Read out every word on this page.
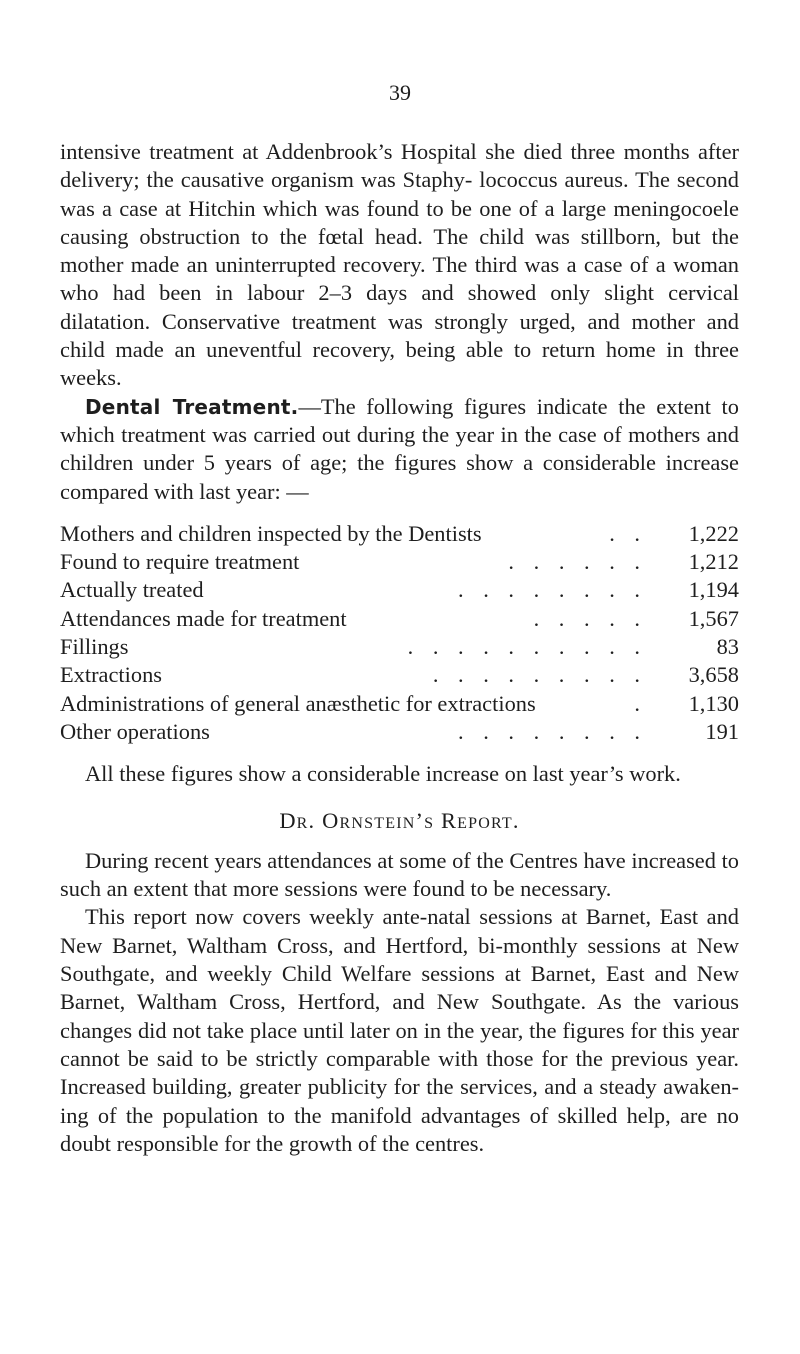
39

intensive treatment at Addenbrook’s Hospital she died three months after delivery; the causative organism was Staphy- lococcus aureus. The second was a case at Hitchin which was found to be one of a large meningocoele causing obstruction to the fœtal head. The child was stillborn, but the mother made an uninterrupted recovery. The third was a case of a woman who had been in labour 2–3 days and showed only slight cervical dilatation. Conservative treatment was strongly urged, and mother and child made an uneventful recovery, being able to return home in three weeks.

Dental Treatment.—The following figures indicate the extent to which treatment was carried out during the year in the case of mothers and children under 5 years of age; the figures show a considerable increase compared with last year: —

Mothers and children inspected by the Dentists	. .	1,222
Found to require treatment	. . . . . .	1,212
Actually treated	. . . . . . . .	1,194
Attendances made for treatment	. . . . .	1,567
Fillings	. . . . . . . . . .	83
Extractions	. . . . . . . . .	3,658
Administrations of general anæsthetic for extractions	.	1,130
Other operations	. . . . . . . .	191

All these figures show a considerable increase on last year’s work.

Dr. Ornstein’s Report.

During recent years attendances at some of the Centres have increased to such an extent that more sessions were found to be necessary.

This report now covers weekly ante-natal sessions at Barnet, East and New Barnet, Waltham Cross, and Hertford, bi-monthly sessions at New Southgate, and weekly Child Welfare sessions at Barnet, East and New Barnet, Waltham Cross, Hertford, and New Southgate. As the various changes did not take place until later on in the year, the figures for this year cannot be said to be strictly comparable with those for the previous year. Increased building, greater publicity for the services, and a steady awaken- ing of the population to the manifold advantages of skilled help, are no doubt responsible for the growth of the centres.
